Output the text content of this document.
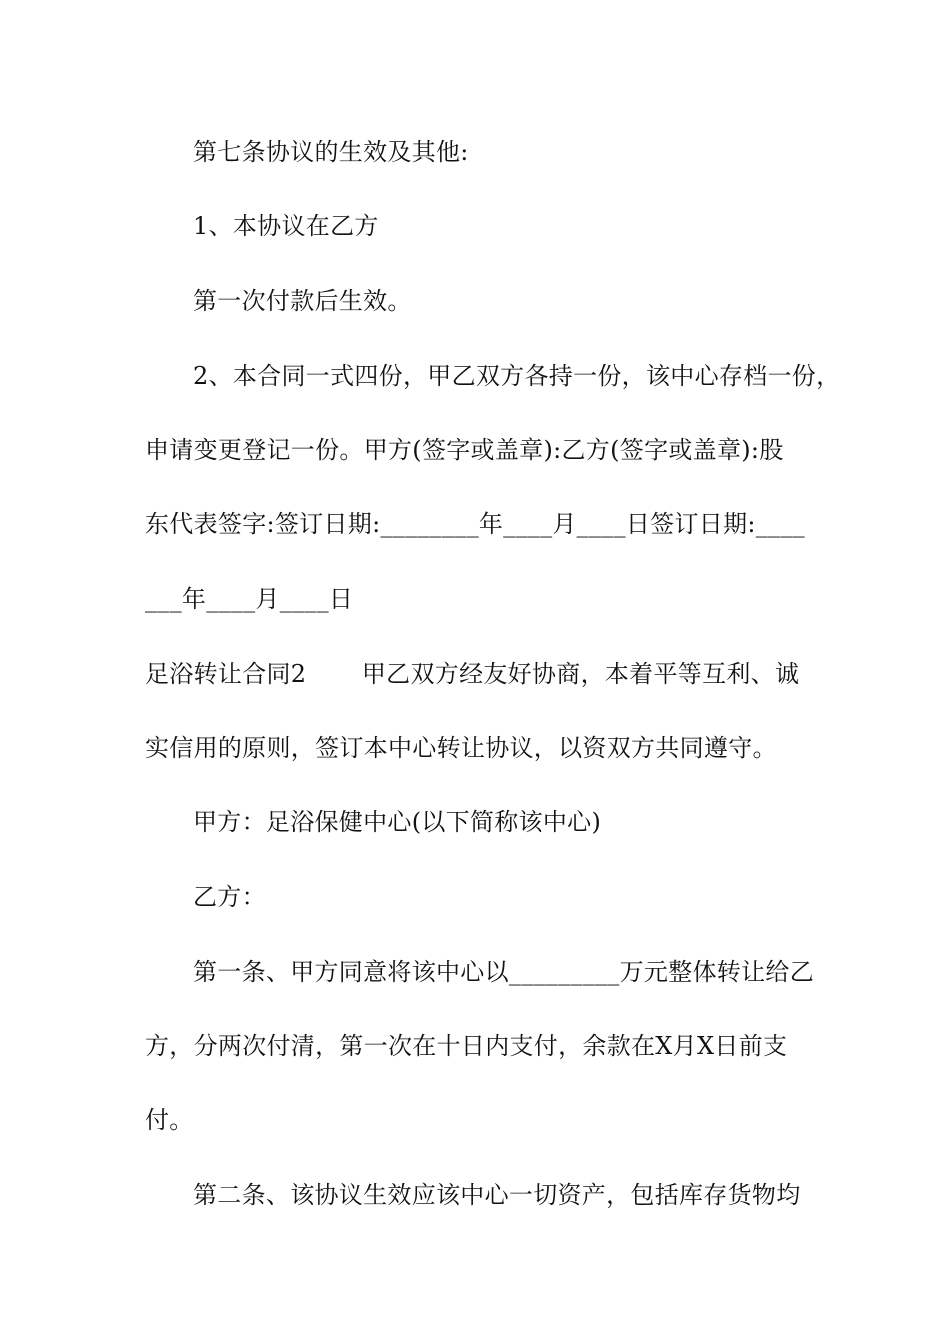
第七条协议的生效及其他:
1、本协议在乙方
第一次付款后生效。
2、本合同一式四份，甲乙双方各持一份，该中心存档一份，
申请变更登记一份。甲方(签字或盖章):乙方(签字或盖章):股
东代表签字:签订日期:________年____月____日签订日期:____
___年____月____日
足浴转让合同2       甲乙双方经友好协商，本着平等互利、诚
实信用的原则，签订本中心转让协议，以资双方共同遵守。
甲方：足浴保健中心(以下简称该中心)
乙方：
第一条、甲方同意将该中心以_________万元整体转让给乙
方，分两次付清，第一次在十日内支付，余款在X月X日前支
付。
第二条、该协议生效应该中心一切资产，包括库存货物均
